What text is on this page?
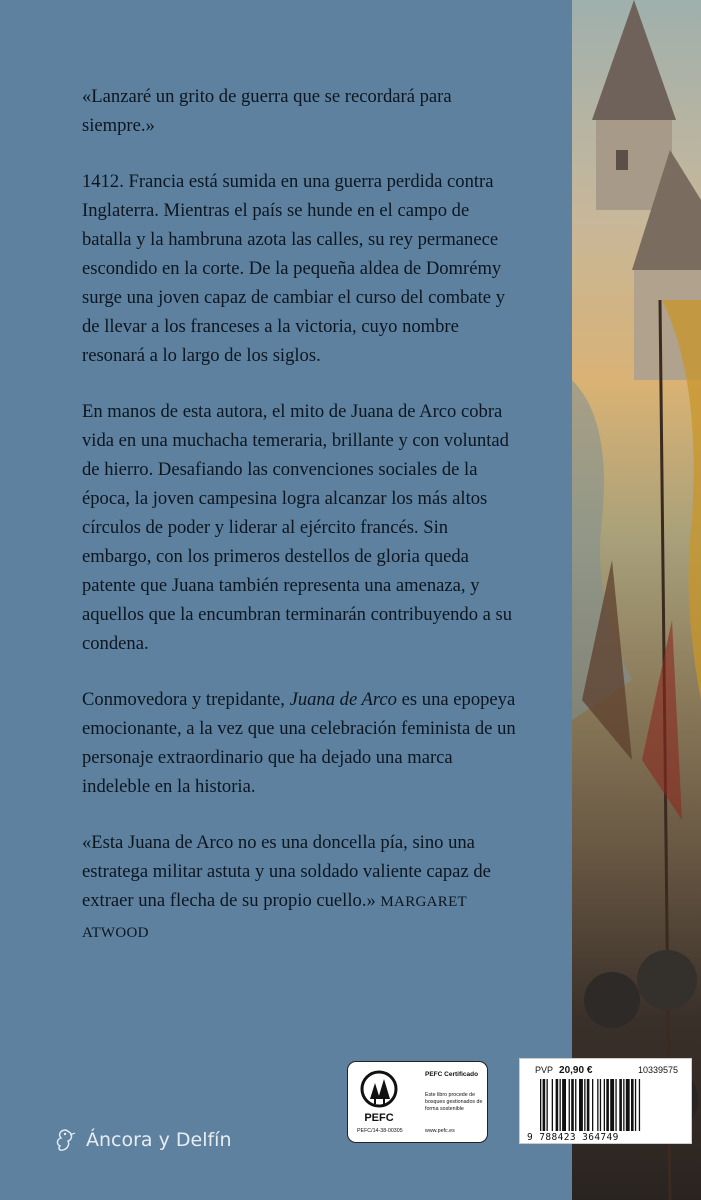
«Lanzaré un grito de guerra que se recordará para siempre.»

1412. Francia está sumida en una guerra perdida contra Inglaterra. Mientras el país se hunde en el campo de batalla y la hambruna azota las calles, su rey permanece escondido en la corte. De la pequeña aldea de Domrémy surge una joven capaz de cambiar el curso del combate y de llevar a los franceses a la victoria, cuyo nombre resonará a lo largo de los siglos.

En manos de esta autora, el mito de Juana de Arco cobra vida en una muchacha temeraria, brillante y con voluntad de hierro. Desafiando las convenciones sociales de la época, la joven campesina logra alcanzar los más altos círculos de poder y liderar al ejército francés. Sin embargo, con los primeros destellos de gloria queda patente que Juana también representa una amenaza, y aquellos que la encumbran terminarán contribuyendo a su condena.

Conmovedora y trepidante, Juana de Arco es una epopeya emocionante, a la vez que una celebración feminista de un personaje extraordinario que ha dejado una marca indeleble en la historia.

«Esta Juana de Arco no es una doncella pía, sino una estratega militar astuta y una soldado valiente capaz de extraer una flecha de su propio cuello.» MARGARET ATWOOD

Áncora y Delfín
PEFC
PEFC Certificado
Este libro procede de bosques gestionados de forma sostenible
PEFC/14-38-00305	www.pefc.es
PVP 20,90 €	10339575
9 788423 364749
